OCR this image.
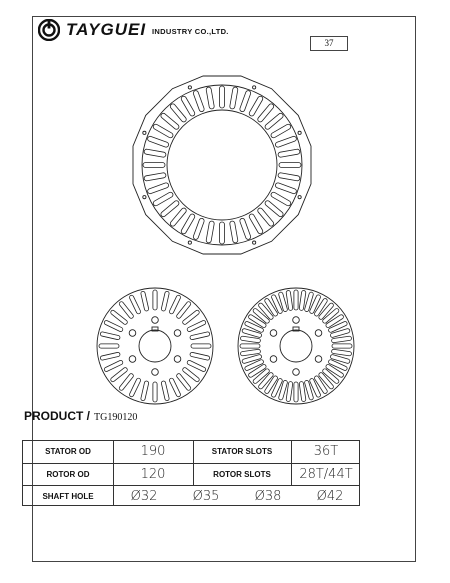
TAYGUEI INDUSTRY CO.,LTD.
37
PRODUCT / TG190120
STATOR OD	190	STATOR SLOTS	36T
ROTOR OD	120	ROTOR SLOTS	28T/44T
SHAFT HOLE	Ø32	Ø35	Ø38	Ø42
